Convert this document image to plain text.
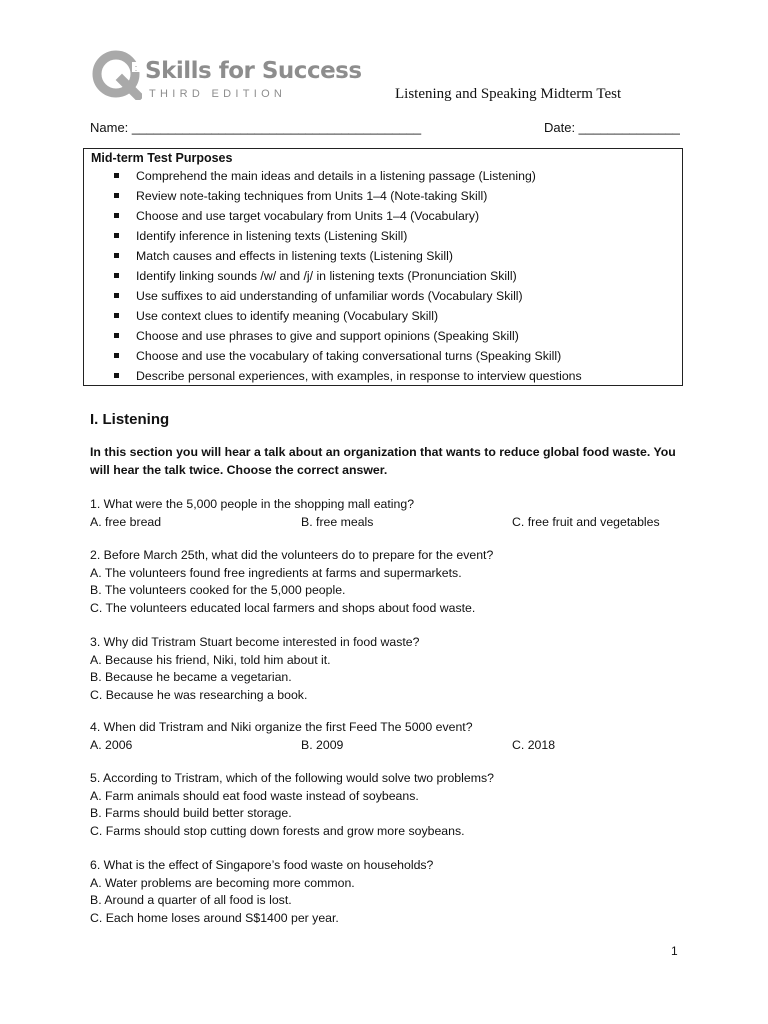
: Skills for Success
THIRD EDITION	Listening and Speaking Midterm Test
Name: ________________________________________	Date: ______________
Mid-term Test Purposes
Comprehend the main ideas and details in a listening passage (Listening)
Review note-taking techniques from Units 1–4 (Note-taking Skill)
Choose and use target vocabulary from Units 1–4 (Vocabulary)
Identify inference in listening texts (Listening Skill)
Match causes and effects in listening texts (Listening Skill)
Identify linking sounds /w/ and /j/ in listening texts (Pronunciation Skill)
Use suffixes to aid understanding of unfamiliar words (Vocabulary Skill)
Use context clues to identify meaning (Vocabulary Skill)
Choose and use phrases to give and support opinions (Speaking Skill)
Choose and use the vocabulary of taking conversational turns (Speaking Skill)
Describe personal experiences, with examples, in response to interview questions
I. Listening
In this section you will hear a talk about an organization that wants to reduce global food waste. You will hear the talk twice. Choose the correct answer.
1. What were the 5,000 people in the shopping mall eating?
A. free bread	B. free meals	C. free fruit and vegetables
2. Before March 25th, what did the volunteers do to prepare for the event?
A. The volunteers found free ingredients at farms and supermarkets.
B. The volunteers cooked for the 5,000 people.
C. The volunteers educated local farmers and shops about food waste.
3. Why did Tristram Stuart become interested in food waste?
A. Because his friend, Niki, told him about it.
B. Because he became a vegetarian.
C. Because he was researching a book.
4. When did Tristram and Niki organize the first Feed The 5000 event?
A. 2006	B. 2009	C. 2018
5. According to Tristram, which of the following would solve two problems?
A. Farm animals should eat food waste instead of soybeans.
B. Farms should build better storage.
C. Farms should stop cutting down forests and grow more soybeans.
6. What is the effect of Singapore’s food waste on households?
A. Water problems are becoming more common.
B. Around a quarter of all food is lost.
C. Each home loses around S$1400 per year.
1
